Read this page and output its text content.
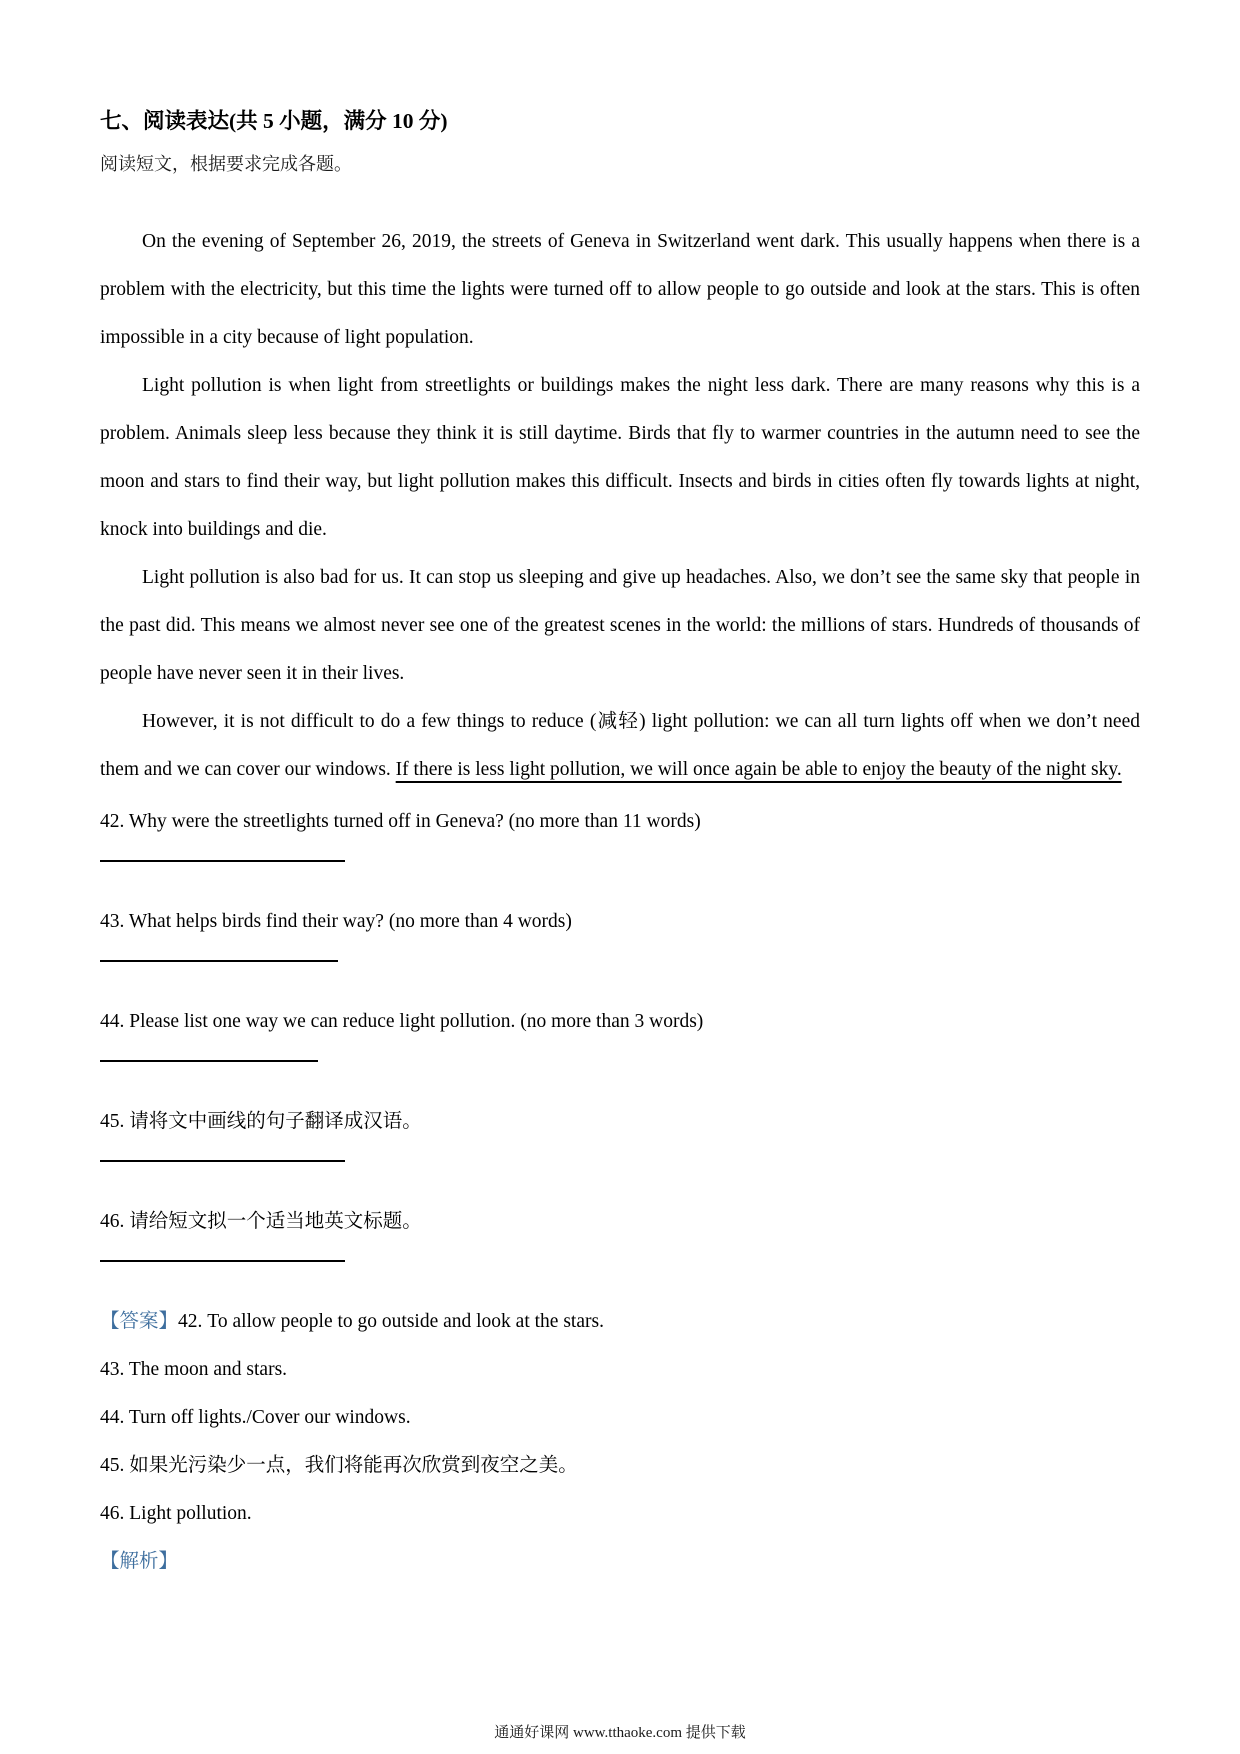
七、阅读表达(共 5 小题，满分 10 分)

阅读短文，根据要求完成各题。

On the evening of September 26, 2019, the streets of Geneva in Switzerland went dark. This usually happens when there is a problem with the electricity, but this time the lights were turned off to allow people to go outside and look at the stars. This is often impossible in a city because of light population.

Light pollution is when light from streetlights or buildings makes the night less dark. There are many reasons why this is a problem. Animals sleep less because they think it is still daytime. Birds that fly to warmer countries in the autumn need to see the moon and stars to find their way, but light pollution makes this difficult. Insects and birds in cities often fly towards lights at night, knock into buildings and die.

Light pollution is also bad for us. It can stop us sleeping and give up headaches. Also, we don’t see the same sky that people in the past did. This means we almost never see one of the greatest scenes in the world: the millions of stars. Hundreds of thousands of people have never seen it in their lives.

However, it is not difficult to do a few things to reduce (减轻) light pollution: we can all turn lights off when we don’t need them and we can cover our windows. If there is less light pollution, we will once again be able to enjoy the beauty of the night sky.

42. Why were the streetlights turned off in Geneva? (no more than 11 words)

43. What helps birds find their way? (no more than 4 words)

44. Please list one way we can reduce light pollution. (no more than 3 words)

45. 请将文中画线的句子翻译成汉语。

46. 请给短文拟一个适当地英文标题。

【答案】42. To allow people to go outside and look at the stars.

43. The moon and stars.

44. Turn off lights./Cover our windows.

45. 如果光污染少一点，我们将能再次欣赏到夜空之美。

46. Light pollution.

【解析】

通通好课网 www.tthaoke.com 提供下载
